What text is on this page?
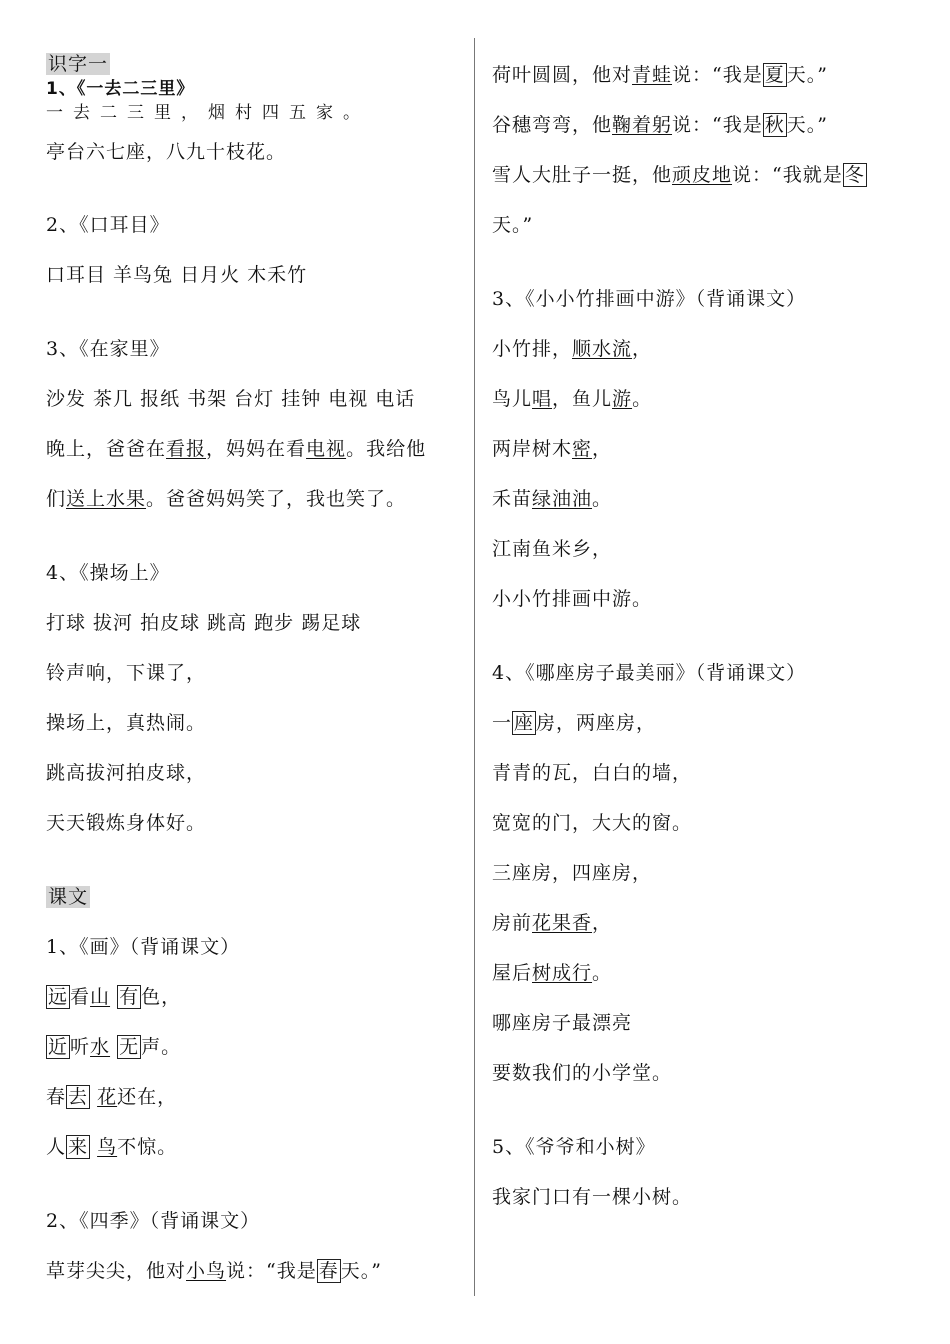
识字一
1、《一去二三里》
一去二三里，烟村四五家。
亭台六七座，八九十枝花。
2、《口耳目》
口耳目 羊鸟兔 日月火 木禾竹
3、《在家里》
沙发 茶几 报纸 书架 台灯 挂钟 电视 电话
晚上，爸爸在看报，妈妈在看电视。我给他
们送上水果。爸爸妈妈笑了，我也笑了。
4、《操场上》
打球 拔河 拍皮球 跳高 跑步 踢足球
铃声响，下课了，
操场上，真热闹。
跳高拔河拍皮球，
天天锻炼身体好。
课文
1、《画》（背诵课文）
远 看山 有 色，
近 听水 无 声。
春 去 花还在，
人 来 鸟不惊。
2、《四季》（背诵课文）
草芽尖尖，他对小鸟说：“我是 春 天。”
荷叶圆圆，他对青蛙说：“我是 夏 天。”
谷穗弯弯，他鞠着躬说：“我是 秋 天。”
雪人大肚子一挺，他顽皮地说：“我就是 冬
天。”
3、《小小竹排画中游》（背诵课文）
小竹排，顺水流，
鸟儿唱，鱼儿游。
两岸树木密，
禾苗绿油油。
江南鱼米乡，
小小竹排画中游。
4、《哪座房子最美丽》（背诵课文）
一 座 房，两座房，
青青的瓦，白白的墙，
宽宽的门，大大的窗。
三座房，四座房，
房前花果香，
屋后树成行。
哪座房子最漂亮
要数我们的小学堂。
5、《爷爷和小树》
我家门口有一棵小树。
